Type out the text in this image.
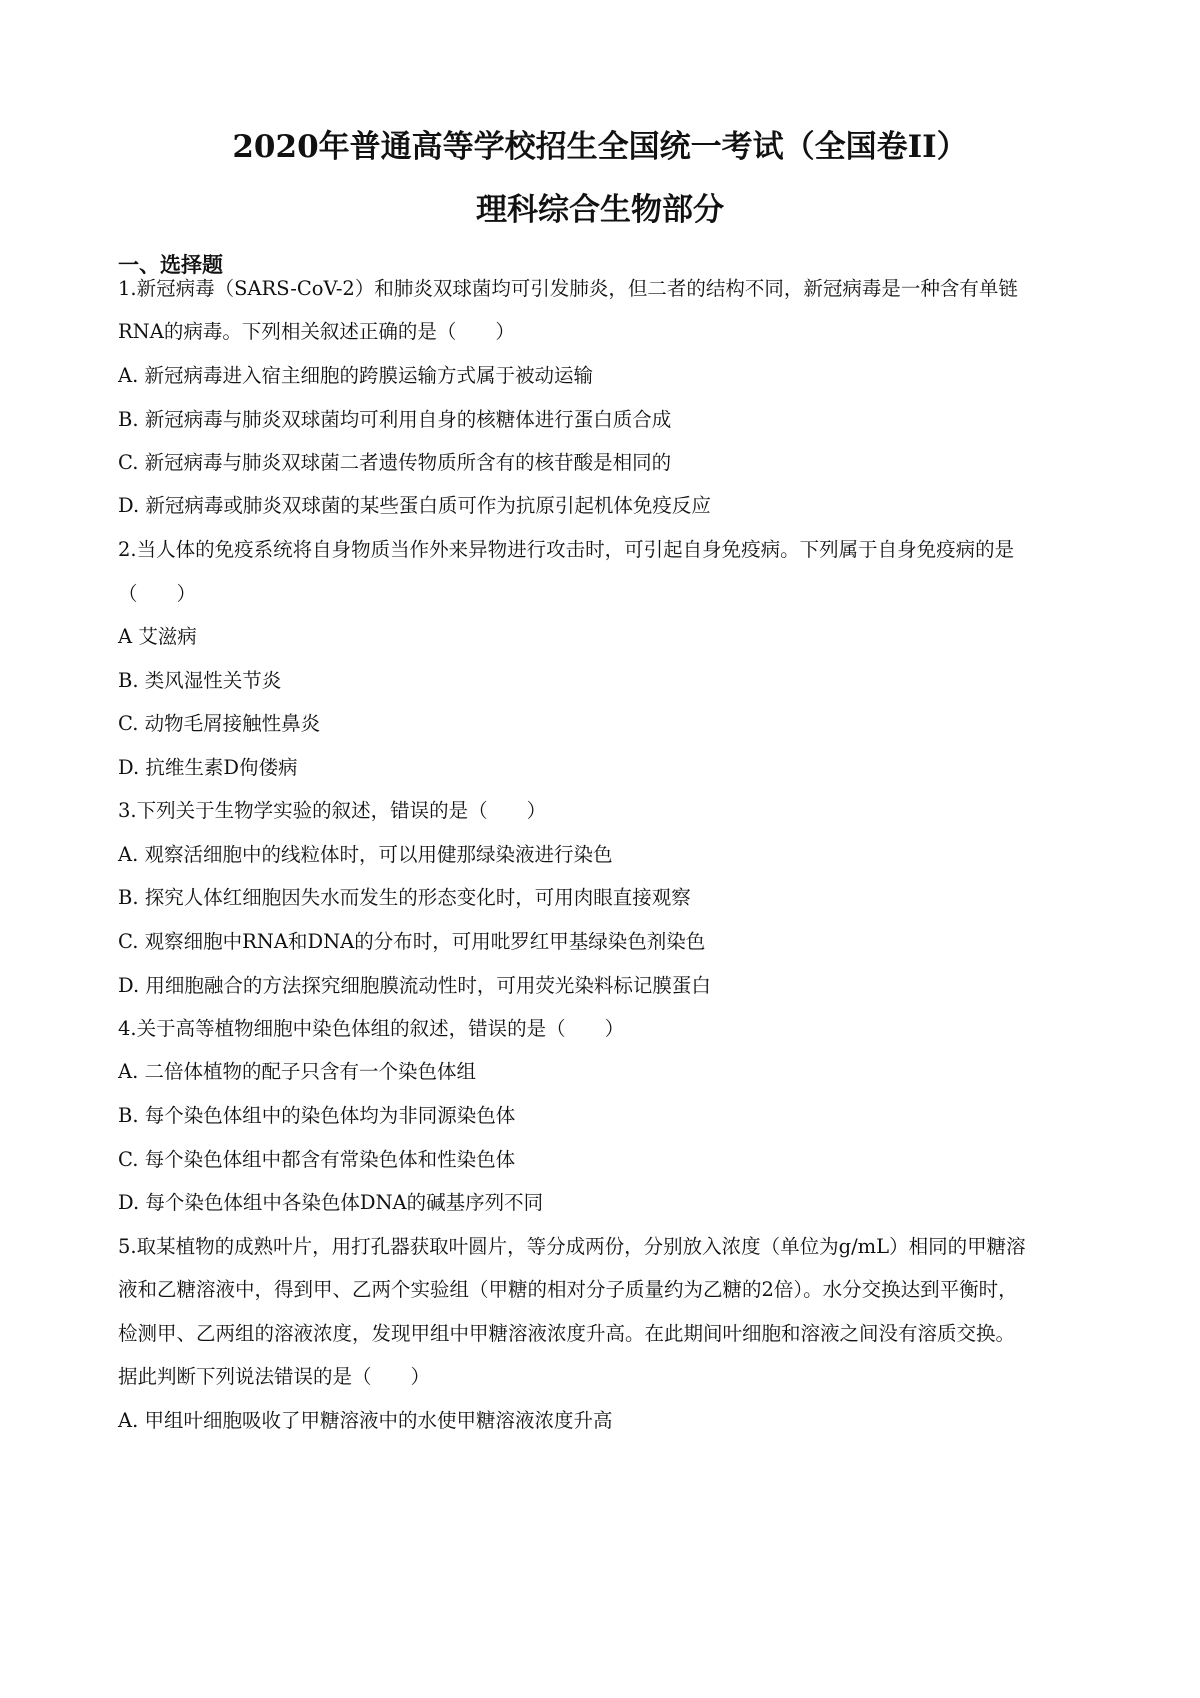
2020年普通高等学校招生全国统一考试（全国卷II）
理科综合生物部分
一、选择题
1.新冠病毒（SARS-CoV-2）和肺炎双球菌均可引发肺炎，但二者的结构不同，新冠病毒是一种含有单链
RNA的病毒。下列相关叙述正确的是（　　）
A. 新冠病毒进入宿主细胞的跨膜运输方式属于被动运输
B. 新冠病毒与肺炎双球菌均可利用自身的核糖体进行蛋白质合成
C. 新冠病毒与肺炎双球菌二者遗传物质所含有的核苷酸是相同的
D. 新冠病毒或肺炎双球菌的某些蛋白质可作为抗原引起机体免疫反应
2.当人体的免疫系统将自身物质当作外来异物进行攻击时，可引起自身免疫病。下列属于自身免疫病的是
（　　）
A 艾滋病
B. 类风湿性关节炎
C. 动物毛屑接触性鼻炎
D. 抗维生素D佝偻病
3.下列关于生物学实验的叙述，错误的是（　　）
A. 观察活细胞中的线粒体时，可以用健那绿染液进行染色
B. 探究人体红细胞因失水而发生的形态变化时，可用肉眼直接观察
C. 观察细胞中RNA和DNA的分布时，可用吡罗红甲基绿染色剂染色
D. 用细胞融合的方法探究细胞膜流动性时，可用荧光染料标记膜蛋白
4.关于高等植物细胞中染色体组的叙述，错误的是（　　）
A. 二倍体植物的配子只含有一个染色体组
B. 每个染色体组中的染色体均为非同源染色体
C. 每个染色体组中都含有常染色体和性染色体
D. 每个染色体组中各染色体DNA的碱基序列不同
5.取某植物的成熟叶片，用打孔器获取叶圆片，等分成两份，分别放入浓度（单位为g/mL）相同的甲糖溶
液和乙糖溶液中，得到甲、乙两个实验组（甲糖的相对分子质量约为乙糖的2倍）。水分交换达到平衡时，
检测甲、乙两组的溶液浓度，发现甲组中甲糖溶液浓度升高。在此期间叶细胞和溶液之间没有溶质交换。
据此判断下列说法错误的是（　　）
A. 甲组叶细胞吸收了甲糖溶液中的水使甲糖溶液浓度升高
